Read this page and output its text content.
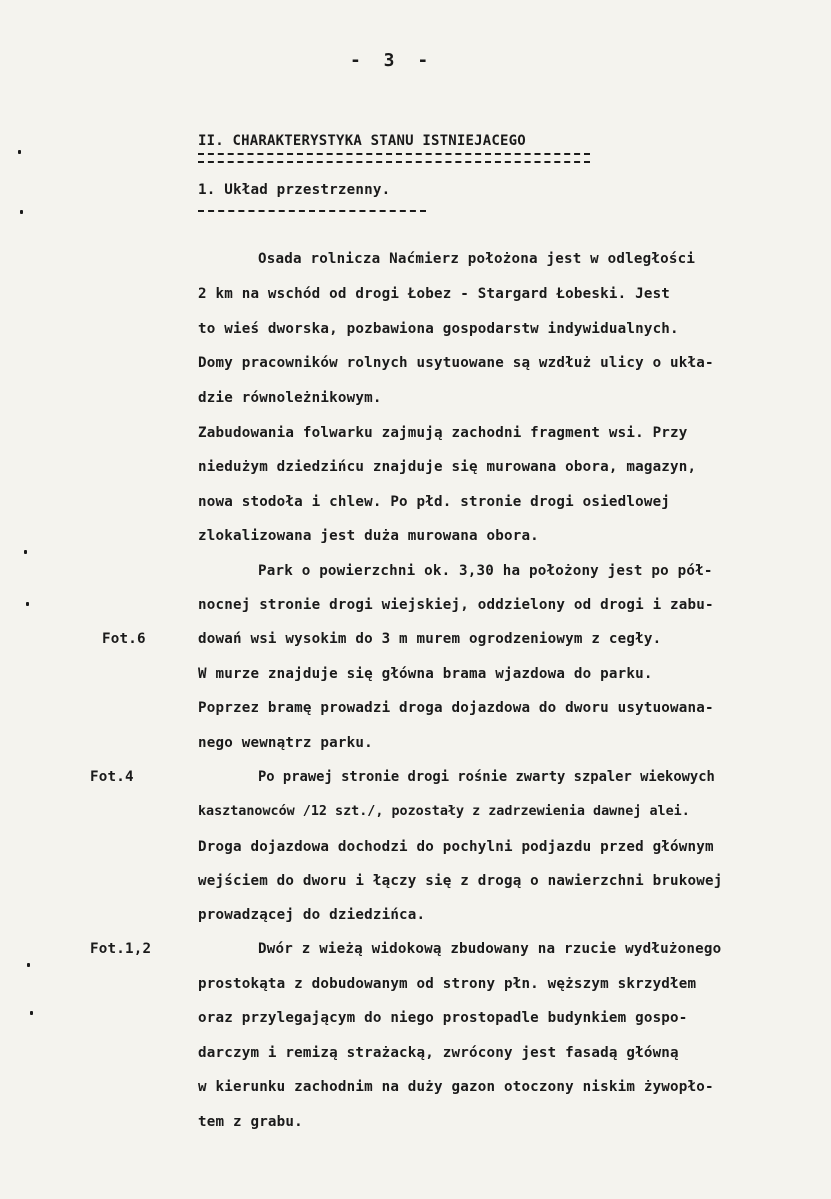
- 3 -
II. CHARAKTERYSTYKA STANU ISTNIEJACEGO
1. Układ przestrzenny.
Osada rolnicza Naćmierz położona jest w odległości
2 km na wschód od drogi Łobez - Stargard Łobeski. Jest
to wieś dworska, pozbawiona gospodarstw indywidualnych.
Domy pracowników rolnych usytuowane są wzdłuż ulicy o ukła-
dzie równoleżnikowym.
Zabudowania folwarku zajmują zachodni fragment wsi. Przy
niedużym dziedzińcu znajduje się murowana obora, magazyn,
nowa stodoła i chlew. Po płd. stronie drogi osiedlowej
zlokalizowana jest duża murowana obora.
Park o powierzchni ok. 3,30 ha położony jest po pół-
nocnej stronie drogi wiejskiej, oddzielony od drogi i zabu-
dowań wsi wysokim do 3 m murem ogrodzeniowym z cegły.
W murze znajduje się główna brama wjazdowa do parku.
Poprzez bramę prowadzi droga dojazdowa do dworu usytuowana-
nego wewnątrz parku.
Po prawej stronie drogi rośnie zwarty szpaler wiekowych
kasztanowców /12 szt./, pozostały z zadrzewienia dawnej alei.
Droga dojazdowa dochodzi do pochylni podjazdu przed głównym
wejściem do dworu i łączy się z drogą o nawierzchni brukowej
prowadzącej do dziedzińca.
Dwór z wieżą widokową zbudowany na rzucie wydłużonego
prostokąta z dobudowanym od strony płn. węższym skrzydłem
oraz przylegającym do niego prostopadle budynkiem gospo-
darczym i remizą strażacką, zwrócony jest fasadą główną
w kierunku zachodnim na duży gazon otoczony niskim żywopło-
tem z grabu.
Fot.6
Fot.4
Fot.1,2
